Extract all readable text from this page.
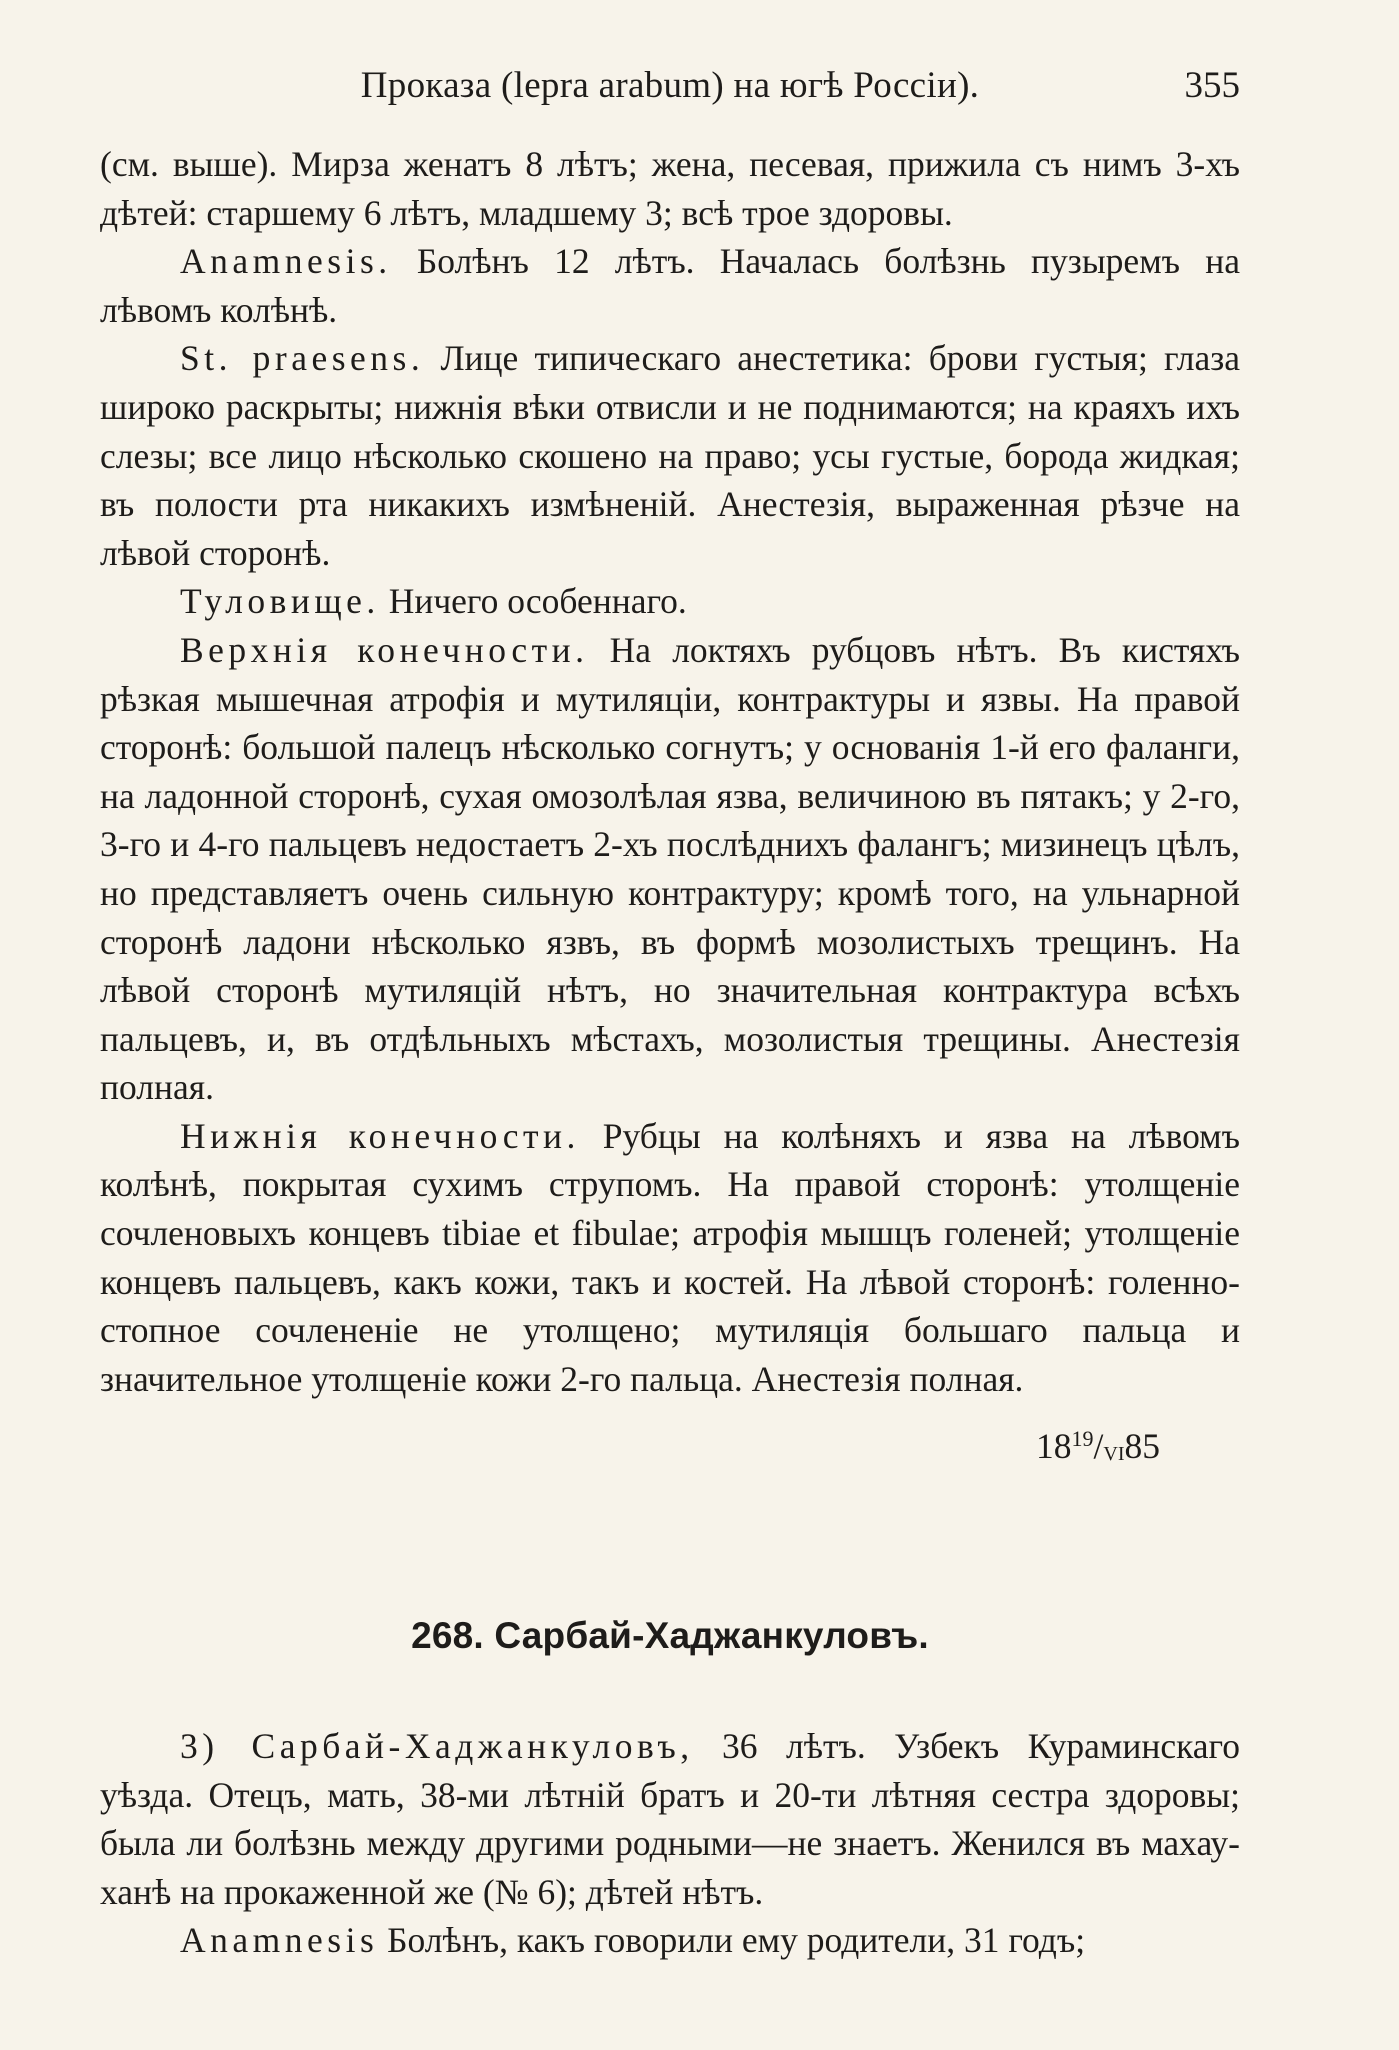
Проказа (lepra arabum) на югѣ Россіи).	355

(см. выше). Мирза женатъ 8 лѣтъ; жена, песевая, прижила съ нимъ 3-хъ дѣтей: старшему 6 лѣтъ, младшему 3; всѣ трое здоровы.

Anamnesis. Болѣнъ 12 лѣтъ. Началась болѣзнь пузыремъ на лѣвомъ колѣнѣ.

St. praesens. Лице типическаго анестетика: брови густыя; глаза широко раскрыты; нижнія вѣки отвисли и не поднимаются; на краяхъ ихъ слезы; все лицо нѣсколько скошено на право; усы густые, борода жидкая; въ полости рта никакихъ измѣненій. Анестезія, выраженная рѣзче на лѣвой сторонѣ.

Туловище. Ничего особеннаго.

Верхнія конечности. На локтяхъ рубцовъ нѣтъ. Въ кистяхъ рѣзкая мышечная атрофія и мутиляціи, контрактуры и язвы. На правой сторонѣ: большой палецъ нѣсколько согнутъ; у основанія 1-й его фаланги, на ладонной сторонѣ, сухая омозолѣлая язва, величиною въ пятакъ; у 2-го, 3-го и 4-го пальцевъ недостаетъ 2-хъ послѣднихъ фалангъ; мизинецъ цѣлъ, но представляетъ очень сильную контрактуру; кромѣ того, на ульнарной сторонѣ ладони нѣсколько язвъ, въ формѣ мозолистыхъ трещинъ. На лѣвой сторонѣ мутиляцій нѣтъ, но значительная контрактура всѣхъ пальцевъ, и, въ отдѣльныхъ мѣстахъ, мозолистыя трещины. Анестезія полная.

Нижнія конечности. Рубцы на колѣняхъ и язва на лѣвомъ колѣнѣ, покрытая сухимъ струпомъ. На правой сторонѣ: утолщеніе сочленовыхъ концевъ tibiae et fibulae; атрофія мышцъ голеней; утолщеніе концевъ пальцевъ, какъ кожи, такъ и костей. На лѣвой сторонѣ: голенно-стопное сочлененіе не утолщено; мутиляція большаго пальца и значительное утолщеніе кожи 2-го пальца. Анестезія полная.

$18^{19}/_{VI}85$
268. Сарбай-Хаджанкуловъ.

3) Сарбай-Хаджанкуловъ, 36 лѣтъ. Узбекъ Кураминскаго уѣзда. Отецъ, мать, 38-ми лѣтній братъ и 20-ти лѣтняя сестра здоровы; была ли болѣзнь между другими родными—не знаетъ. Женился въ махау-ханѣ на прокаженной же (№ 6); дѣтей нѣтъ.

Anamnesis Болѣнъ, какъ говорили ему родители, 31 годъ;
